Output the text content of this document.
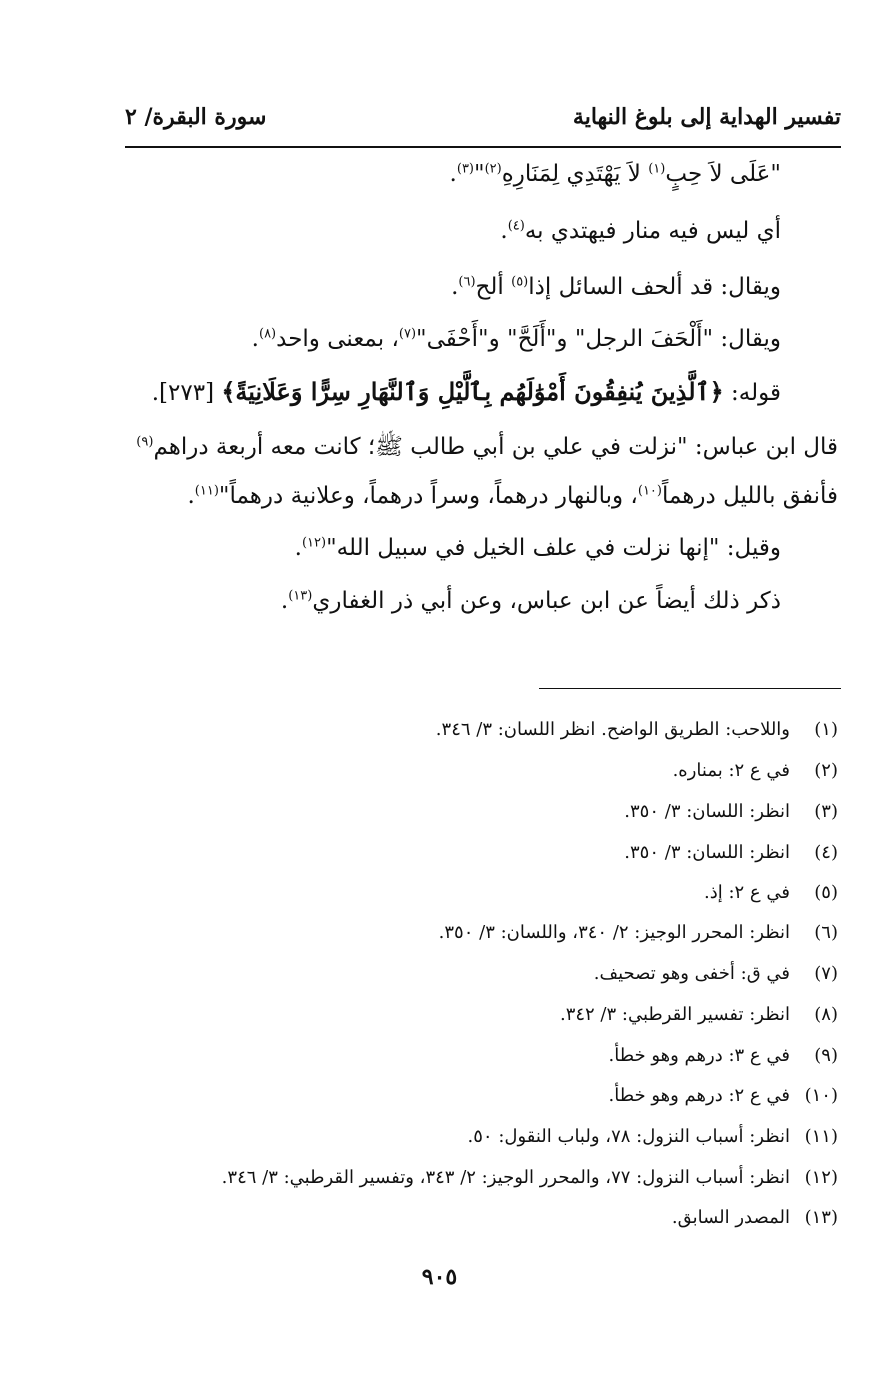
تفسير الهداية إلى بلوغ النهاية
سورة البقرة/ ٢
"عَلَى لاَ حِبٍ$^{(١)}$ لاَ يَهْتَدِي لِمَنَارِهِ$^{(٢)}$"$^{(٣)}$.
أي ليس فيه منار فيهتدي به$^{(٤)}$.
ويقال: قد ألحف السائل إذا$^{(٥)}$ ألح$^{(٦)}$.
ويقال: "أَلْحَفَ الرجل" و"أَلَحَّ" و"أَحْفَى"$^{(٧)}$، بمعنى واحد$^{(٨)}$.
قوله: ﴿ٱلَّذِينَ يُنفِقُونَ أَمْوَٰلَهُم بِٱلَّيْلِ وَٱلنَّهَارِ سِرًّا وَعَلَانِيَةً﴾ [٢٧٣].
قال ابن عباس: "نزلت في علي بن أبي طالب ﷺ؛ كانت معه أربعة دراهم$^{(٩)}$
فأنفق بالليل درهماً$^{(١٠)}$، وبالنهار درهماً، وسراً درهماً، وعلانية درهماً"$^{(١١)}$.
وقيل: "إنها نزلت في علف الخيل في سبيل الله"$^{(١٢)}$.
ذكر ذلك أيضاً عن ابن عباس، وعن أبي ذر الغفاري$^{(١٣)}$.
(١)واللاحب: الطريق الواضح. انظر اللسان: ٣/ ٣٤٦.
(٢)في ع ٢: بمناره.
(٣)انظر: اللسان: ٣/ ٣٥٠.
(٤)انظر: اللسان: ٣/ ٣٥٠.
(٥)في ع ٢: إذ.
(٦)انظر: المحرر الوجيز: ٢/ ٣٤٠، واللسان: ٣/ ٣٥٠.
(٧)في ق: أخفى وهو تصحيف.
(٨)انظر: تفسير القرطبي: ٣/ ٣٤٢.
(٩)في ع ٣: درهم وهو خطأ.
(١٠)في ع ٢: درهم وهو خطأ.
(١١)انظر: أسباب النزول: ٧٨، ولباب النقول: ٥٠.
(١٢)انظر: أسباب النزول: ٧٧، والمحرر الوجيز: ٢/ ٣٤٣، وتفسير القرطبي: ٣/ ٣٤٦.
(١٣)المصدر السابق.
٩٠٥
